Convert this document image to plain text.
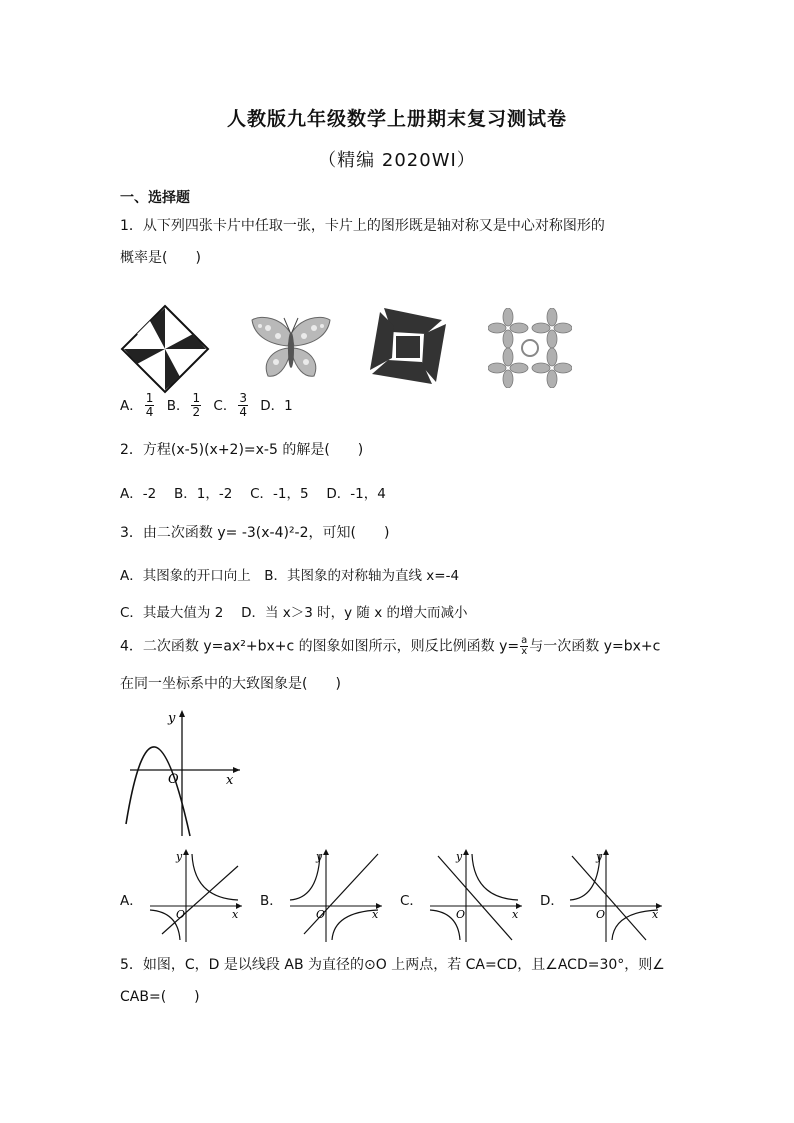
人教版九年级数学上册期末复习测试卷
（精编 2020WI）
一、选择题
1．从下列四张卡片中任取一张，卡片上的图形既是轴对称又是中心对称图形的
概率是(　　)
A． $\frac{1}{4}$ B． $\frac{1}{2}$ C． $\frac{3}{4}$ D．1
2．方程(x-5)(x+2)=x-5 的解是(　　)
A．-2　 B．1，-2　 C．-1，5　 D．-1，4
3．由二次函数 y= -3(x-4)²-2，可知(　　)
A．其图象的开口向上　B．其图象的对称轴为直线 x=-4
C．其最大值为 2　 D．当 x＞3 时，y 随 x 的增大而减小
4．二次函数 y=ax²+bx+c 的图象如图所示，则反比例函数 $y= \frac{a}{x}$ 与一次函数 y=bx+c
在同一坐标系中的大致图象是(　　)
x
y
O
A．
x
y
O
B．
x
y
O
C．
x
y
O
D．
x
y
O
5．如图，C，D 是以线段 AB 为直径的⊙O 上两点，若 CA=CD，且∠ACD=30°，则∠
CAB=(　　)
